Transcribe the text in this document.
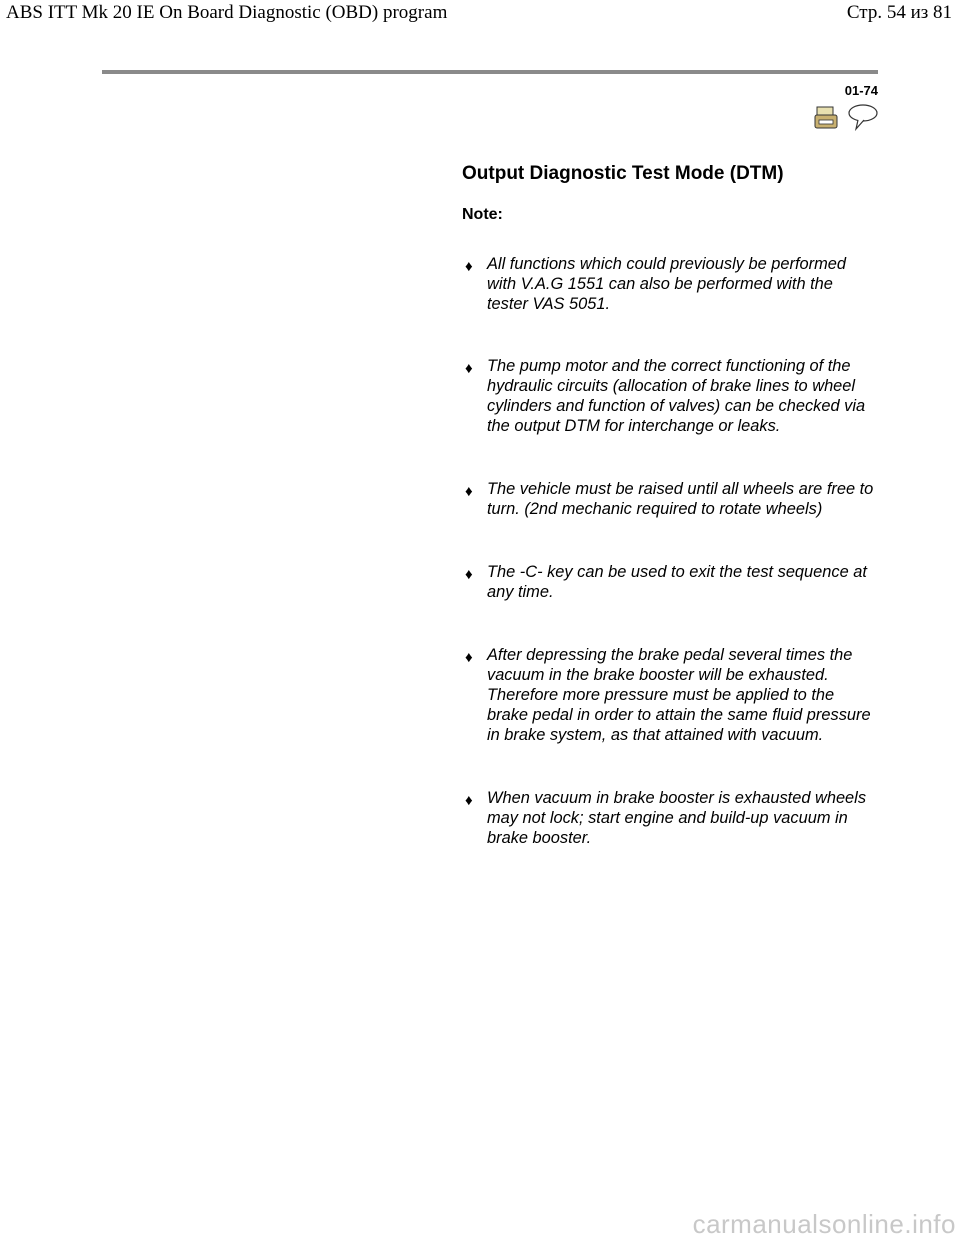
ABS ITT Mk 20 IE On Board Diagnostic (OBD) program	Стр. 54 из 81
01-74
Output Diagnostic Test Mode (DTM)
Note:
♦ All functions which could previously be performed with V.A.G 1551 can also be performed with the tester VAS 5051.
♦ The pump motor and the correct functioning of the hydraulic circuits (allocation of brake lines to wheel cylinders and function of valves) can be checked via the output DTM for interchange or leaks.
♦ The vehicle must be raised until all wheels are free to turn. (2nd mechanic required to rotate wheels)
♦ The -C- key can be used to exit the test sequence at any time.
♦ After depressing the brake pedal several times the vacuum in the brake booster will be exhausted. Therefore more pressure must be applied to the brake pedal in order to attain the same fluid pressure in brake system, as that attained with vacuum.
♦ When vacuum in brake booster is exhausted wheels may not lock; start engine and build-up vacuum in brake booster.
carmanualsonline.info
